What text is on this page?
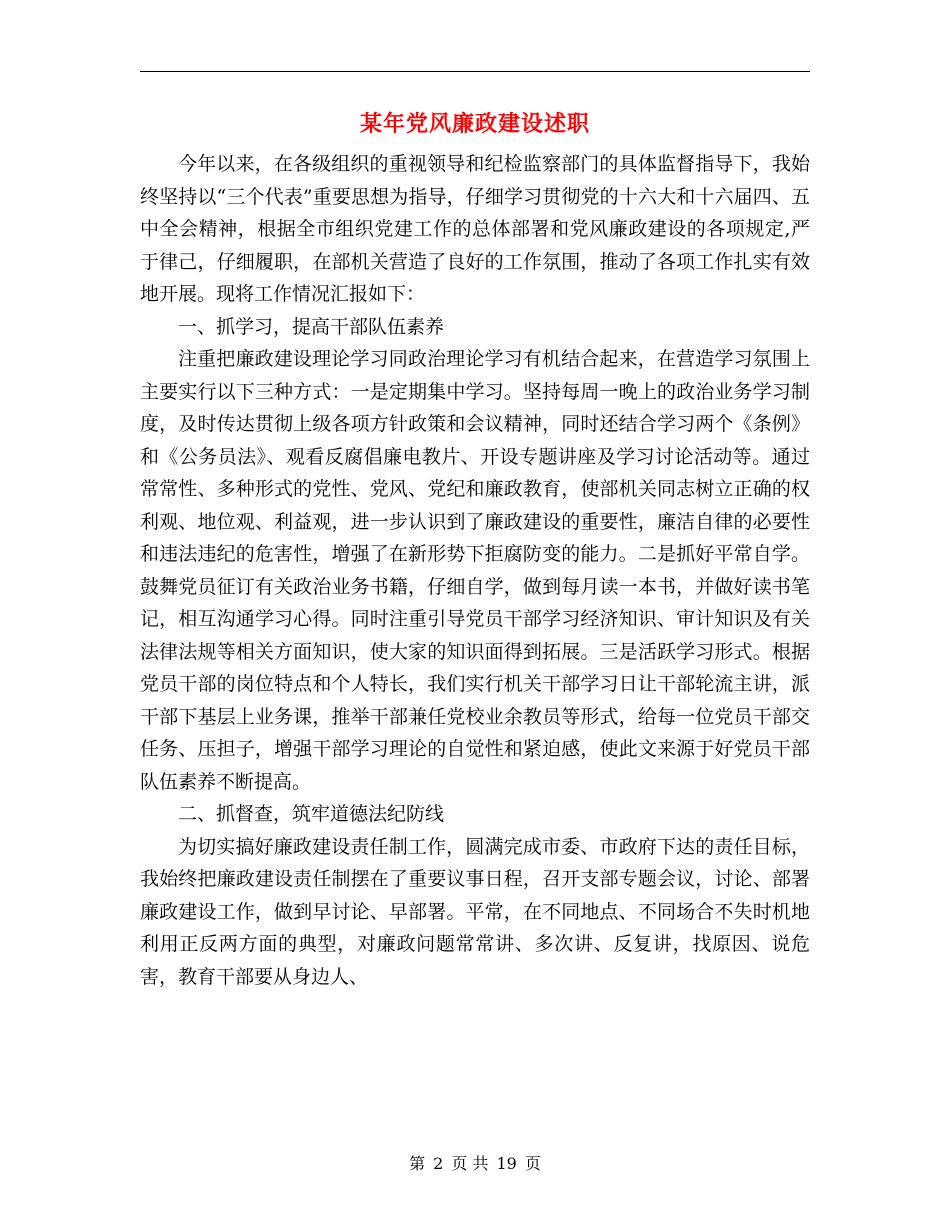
某年党风廉政建设述职

今年以来，在各级组织的重视领导和纪检监察部门的具体监督指导下，我始终坚持以“三个代表”重要思想为指导，仔细学习贯彻党的十六大和十六届四、五中全会精神，根据全市组织党建工作的总体部署和党风廉政建设的各项规定,严于律己，仔细履职，在部机关营造了良好的工作氛围，推动了各项工作扎实有效地开展。现将工作情况汇报如下：

一、抓学习，提高干部队伍素养

注重把廉政建设理论学习同政治理论学习有机结合起来，在营造学习氛围上主要实行以下三种方式：一是定期集中学习。坚持每周一晚上的政治业务学习制度，及时传达贯彻上级各项方针政策和会议精神，同时还结合学习两个《条例》和《公务员法》、观看反腐倡廉电教片、开设专题讲座及学习讨论活动等。通过常常性、多种形式的党性、党风、党纪和廉政教育，使部机关同志树立正确的权利观、地位观、利益观，进一步认识到了廉政建设的重要性，廉洁自律的必要性和违法违纪的危害性，增强了在新形势下拒腐防变的能力。二是抓好平常自学。鼓舞党员征订有关政治业务书籍，仔细自学，做到每月读一本书，并做好读书笔记，相互沟通学习心得。同时注重引导党员干部学习经济知识、审计知识及有关法律法规等相关方面知识，使大家的知识面得到拓展。三是活跃学习形式。根据党员干部的岗位特点和个人特长，我们实行机关干部学习日让干部轮流主讲，派干部下基层上业务课，推举干部兼任党校业余教员等形式，给每一位党员干部交任务、压担子，增强干部学习理论的自觉性和紧迫感，使此文来源于好党员干部队伍素养不断提高。

二、抓督查，筑牢道德法纪防线

为切实搞好廉政建设责任制工作，圆满完成市委、市政府下达的责任目标，我始终把廉政建设责任制摆在了重要议事日程，召开支部专题会议，讨论、部署廉政建设工作，做到早讨论、早部署。平常，在不同地点、不同场合不失时机地利用正反两方面的典型，对廉政问题常常讲、多次讲、反复讲，找原因、说危害，教育干部要从身边人、

第 2 页 共 19 页
